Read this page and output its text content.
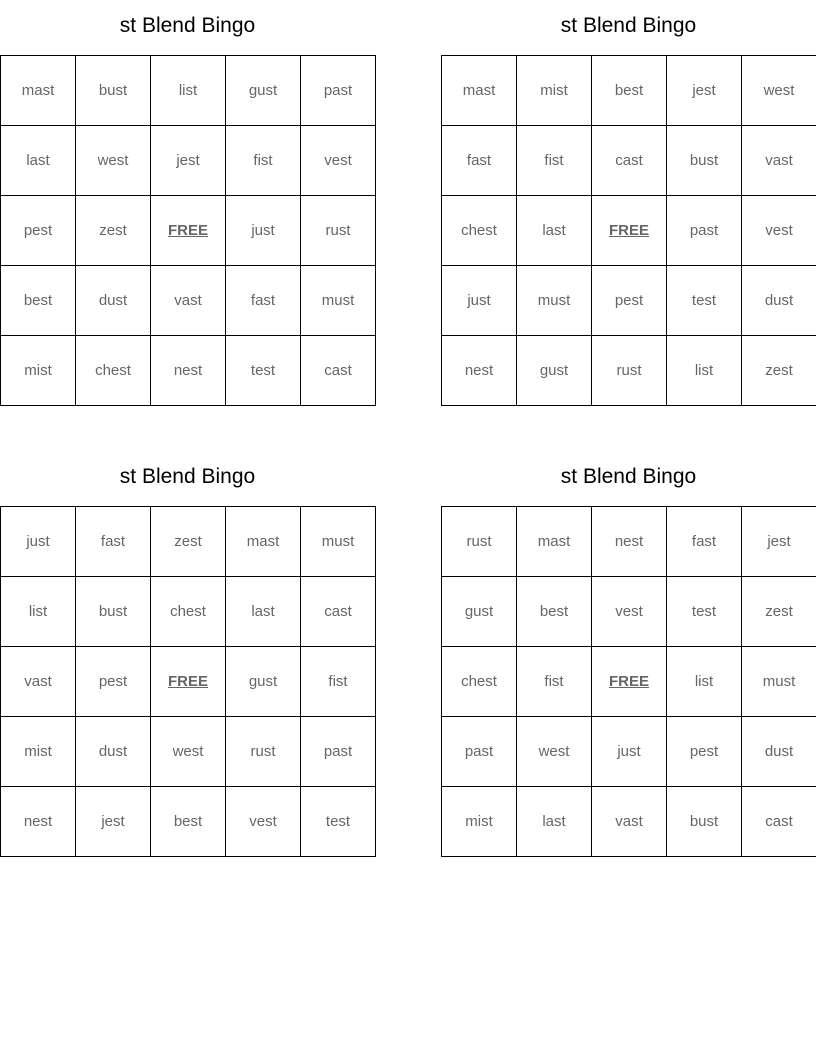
st Blend Bingo
mast	bust	list	gust	past
last	west	jest	fist	vest
pest	zest	FREE	just	rust
best	dust	vast	fast	must
mist	chest	nest	test	cast
st Blend Bingo
mast	mist	best	jest	west
fast	fist	cast	bust	vast
chest	last	FREE	past	vest
just	must	pest	test	dust
nest	gust	rust	list	zest
st Blend Bingo
just	fast	zest	mast	must
list	bust	chest	last	cast
vast	pest	FREE	gust	fist
mist	dust	west	rust	past
nest	jest	best	vest	test
st Blend Bingo
rust	mast	nest	fast	jest
gust	best	vest	test	zest
chest	fist	FREE	list	must
past	west	just	pest	dust
mist	last	vast	bust	cast
